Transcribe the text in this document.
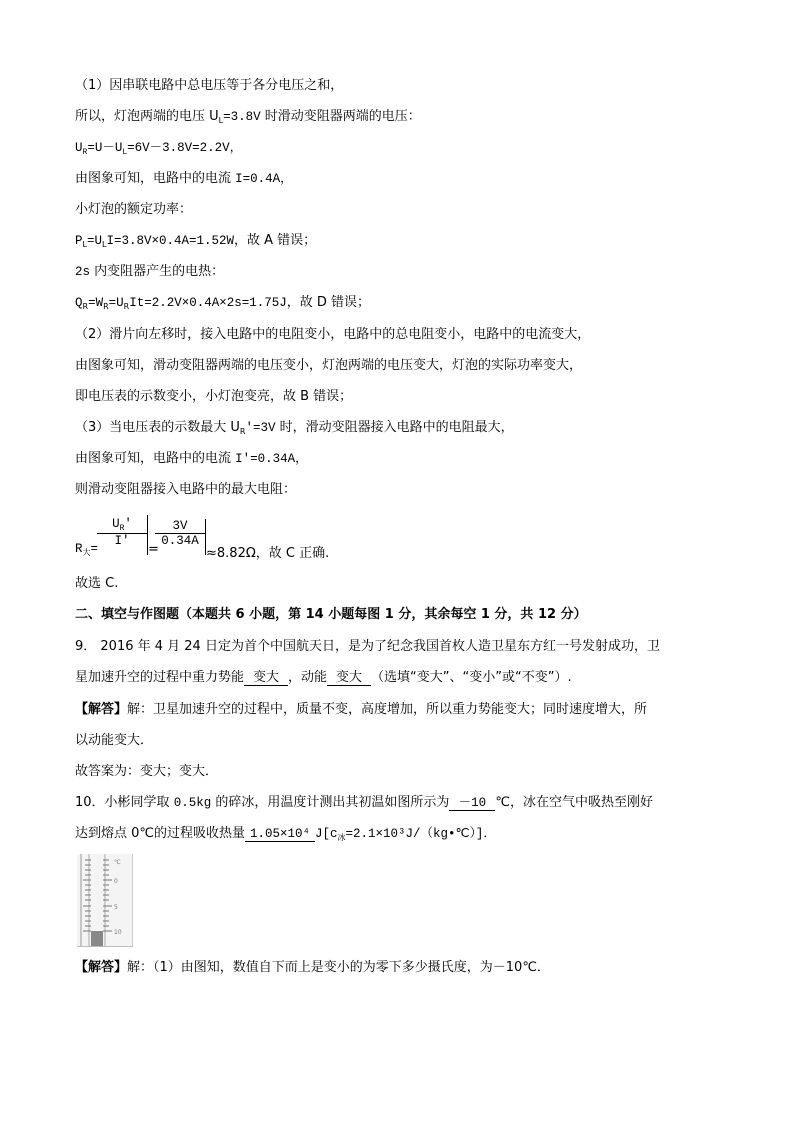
（1）因串联电路中总电压等于各分电压之和，
所以，灯泡两端的电压 $U_L=3.8V$ 时滑动变阻器两端的电压：
$U_R=U-U_L=6V-3.8V=2.2V$，
由图象可知，电路中的电流 I=0.4A，
小灯泡的额定功率：
$P_L=U_LI=3.8V\times 0.4A=1.52W$，故 A 错误；
2s 内变阻器产生的电热：
$Q_R=W_R=U_RIt=2.2V\times 0.4A\times 2s=1.75J$，故 D 错误；
（2）滑片向左移时，接入电路中的电阻变小，电路中的总电阻变小，电路中的电流变大，
由图象可知，滑动变阻器两端的电压变小，灯泡两端的电压变大，灯泡的实际功率变大，
即电压表的示数变小，小灯泡变亮，故 B 错误；
（3）当电压表的示数最大 $U_R'=3V$ 时，滑动变阻器接入电路中的电阻最大，
由图象可知，电路中的电流 I′=0.34A，
则滑动变阻器接入电路中的最大电阻：
$R_大=$
$\frac{U_R'}{I'}$
=
$\frac{3V}{0.34A}$
≈8.82Ω，故 C 正确.
故选 C.
二、填空与作图题（本题共 6 小题，第 14 小题每图 1 分，其余每空 1 分，共 12 分）
9． 2016 年 4 月 24 日定为首个中国航天日，是为了纪念我国首枚人造卫星东方红一号发射成功，卫
星加速升空的过程中重力势能 变大 ，动能 变大 （选填“变大”、“变小”或“不变”）.
【解答】解：卫星加速升空的过程中，质量不变，高度增加，所以重力势能变大；同时速度增大，所
以动能变大．
故答案为：变大；变大．
10．小彬同学取 0.5kg 的碎冰，用温度计测出其初温如图所示为 －10 ℃，冰在空气中吸热至刚好
达到熔点 0℃的过程吸收热量 1.05×10⁴ $J[c_冰=2.1\times 10^3J/(kg•℃)]$．
℃
0
5
10
【解答】解：（1）由图知，数值自下而上是变小的为零下多少摄氏度，为－10℃．
